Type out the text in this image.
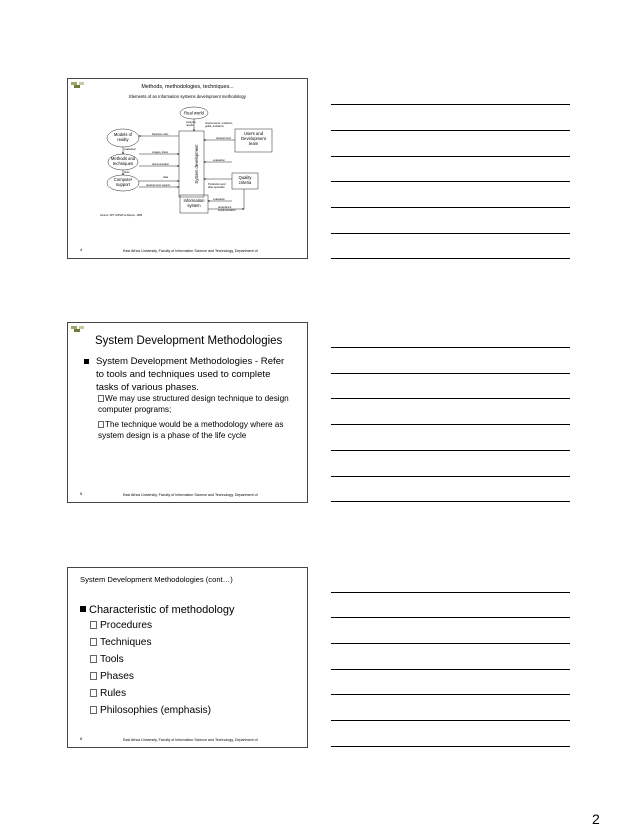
Methods, methodologies, techniques...
Elements of an Information systems development methodology
Real world
Models of
reality
Methods and
techniques
Computer
support
Users and
Development
team
Quality
criteria
Information
system
System development
Analysis
results
requirements, problems,
goals, ambitions
Decision rules
development
evaluation
images, plans
documentation
evaluation
tools
data
development support	Production and
after-operation
evaluation
acceptance
implementation
Source: WIT & BSW & Alkosm, 1995
4	East Africa University, Faculty of Information Science and Technology, Department of
System Development Methodologies
System Development Methodologies - Refer to tools and techniques used to complete tasks of various phases.
We may use structured design technique to design computer programs;
The technique would be a methodology where as system design is a phase of the life cycle
5	East Africa University, Faculty of Information Science and Technology, Department of
System Development Methodologies (cont…)
Characteristic of methodology
Procedures
Techniques
Tools
Phases
Rules
Philosophies (emphasis)
6	East Africa University, Faculty of Information Science and Technology, Department of
2
